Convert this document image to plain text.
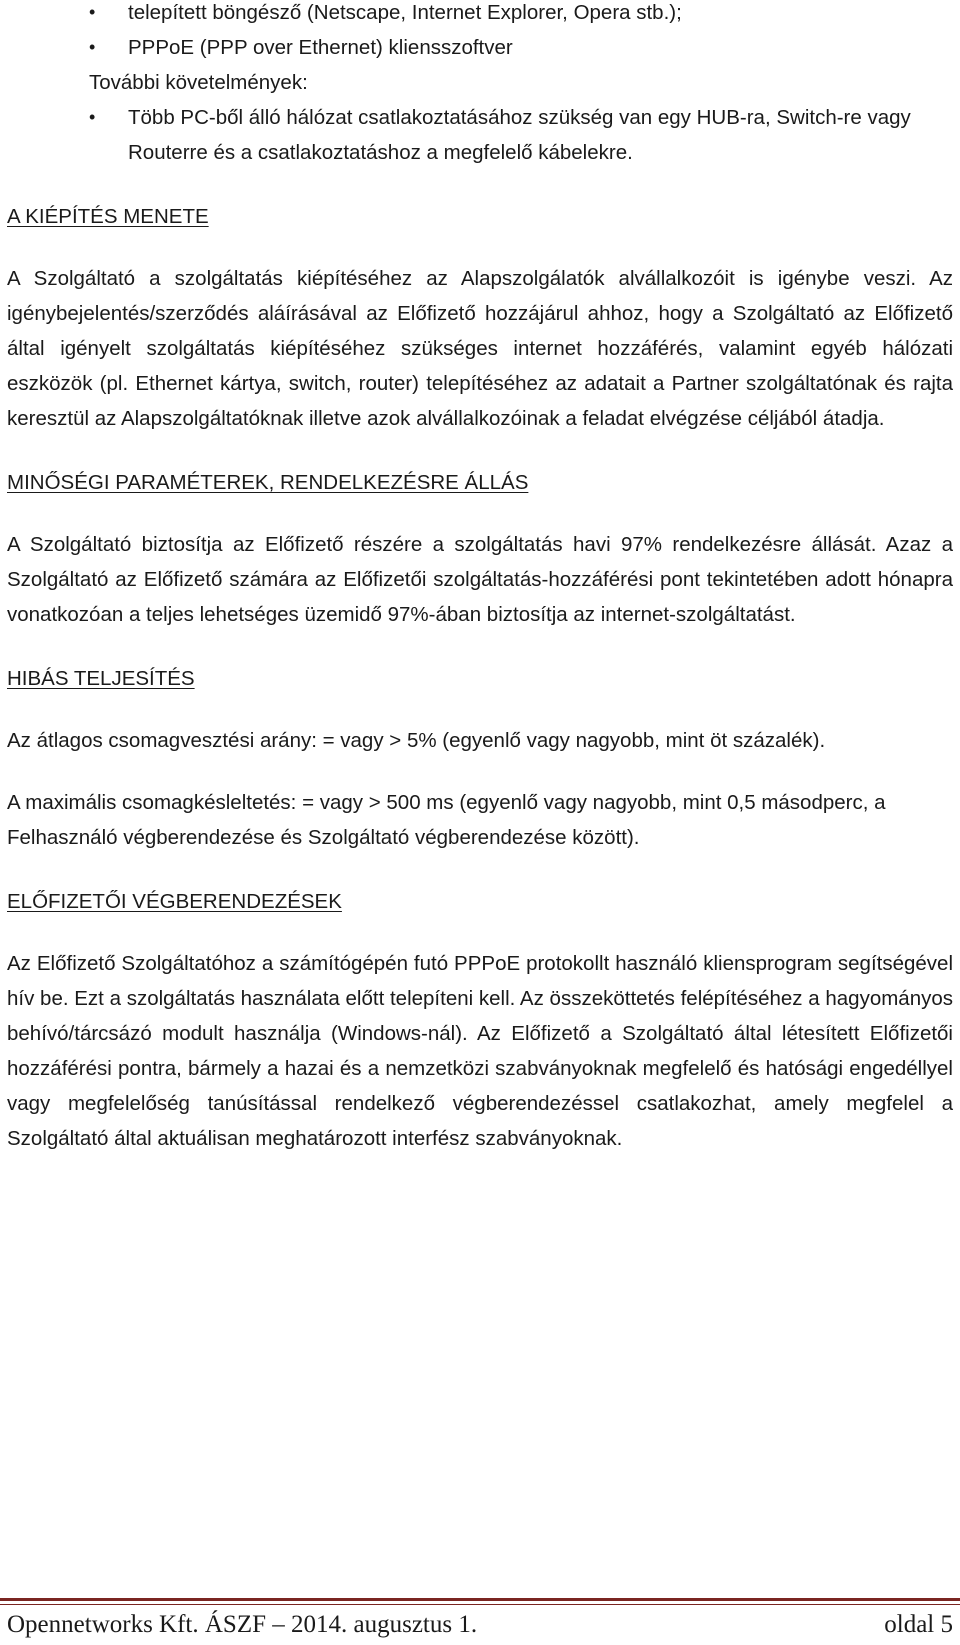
• telepített böngésző (Netscape, Internet Explorer, Opera stb.);
• PPPoE (PPP over Ethernet) kliensszoftver
További követelmények:
• Több PC-ből álló hálózat csatlakoztatásához szükség van egy HUB-ra, Switch-re vagy Routerre és a csatlakoztatáshoz a megfelelő kábelekre.
A KIÉPÍTÉS MENETE

A Szolgáltató a szolgáltatás kiépítéséhez az Alapszolgálatók alvállalkozóit is igénybe veszi. Az igénybejelentés/szerződés aláírásával az Előfizető hozzájárul ahhoz, hogy a Szolgáltató az Előfizető által igényelt szolgáltatás kiépítéséhez szükséges internet hozzáférés, valamint egyéb hálózati eszközök (pl. Ethernet kártya, switch, router) telepítéséhez az adatait a Partner szolgáltatónak és rajta keresztül az Alapszolgáltatóknak illetve azok alvállalkozóinak a feladat elvégzése céljából átadja.

MINŐSÉGI PARAMÉTEREK, RENDELKEZÉSRE ÁLLÁS

A Szolgáltató biztosítja az Előfizető részére a szolgáltatás havi 97% rendelkezésre állását. Azaz a Szolgáltató az Előfizető számára az Előfizetői szolgáltatás-hozzáférési pont tekintetében adott hónapra vonatkozóan a teljes lehetséges üzemidő 97%-ában biztosítja az internet-szolgáltatást.

HIBÁS TELJESÍTÉS

Az átlagos csomagvesztési arány: = vagy > 5% (egyenlő vagy nagyobb, mint öt százalék).

A maximális csomagkésleltetés: = vagy > 500 ms (egyenlő vagy nagyobb, mint 0,5 másodperc, a Felhasználó végberendezése és Szolgáltató végberendezése között).

ELŐFIZETŐI VÉGBERENDEZÉSEK

Az Előfizető Szolgáltatóhoz a számítógépén futó PPPoE protokollt használó kliensprogram segítségével hív be. Ezt a szolgáltatás használata előtt telepíteni kell. Az összeköttetés felépítéséhez a hagyományos behívó/tárcsázó modult használja (Windows-nál). Az Előfizető a Szolgáltató által létesített Előfizetői hozzáférési pontra, bármely a hazai és a nemzetközi szabványoknak megfelelő és hatósági engedéllyel vagy megfelelőség tanúsítással rendelkező végberendezéssel csatlakozhat, amely megfelel a Szolgáltató által aktuálisan meghatározott interfész szabványoknak.

Opennetworks Kft. ÁSZF – 2014. augusztus 1.	oldal 5
